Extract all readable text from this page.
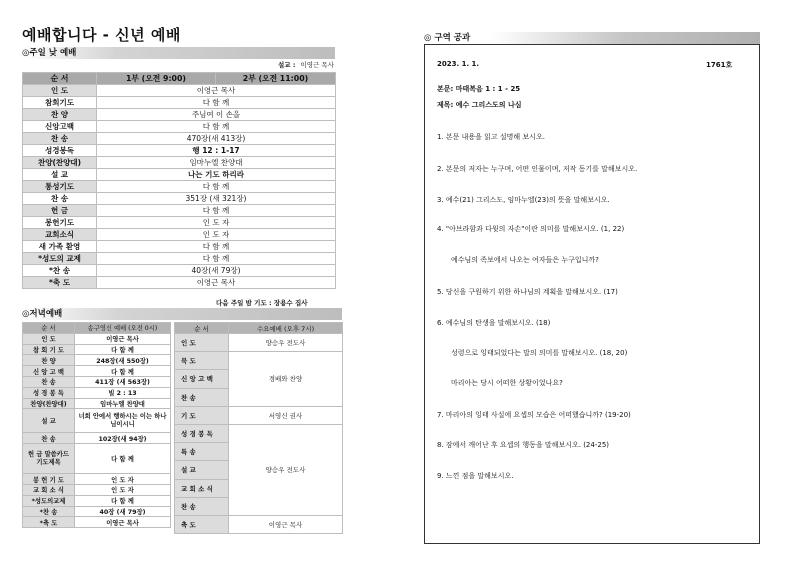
예배합니다 - 신년 예배
◎주일 낮 예배
설교 : 이영근 목사
순 서	1부 (오전 9:00)	2부 (오전 11:00)
인 도	이영근 목사	
참회기도	다 함 께	
찬 양	주님여 이 손을	
신앙고백	다 함 께	
찬 송	470장(새 413장)	
성경봉독	행 12 : 1-17	
찬양(찬양대)	임마누엘 찬양대	
설 교	나는 기도 하리라	
통성기도	다 함 께	
찬 송	351장 (새 321장)	
헌 금	다 함 께	
봉헌기도	인 도 자	
교회소식	인 도 자	
새 가족 환영	다 함 께	
*성도의 교제	다 함 께	
*찬 송	40장(새 79장)	
*축 도	이영근 목사	
다음 주일 밤 기도 : 장용수 집사
◎저녁예배
순 서	송구영신 예배 (오전 0시)
인 도	이영근 목사
참 회 기 도	다 함 께
찬 양	248장(새 550장)
신 앙 고 백	다 함 께
찬 송	411장 (새 563장)
성 경 봉 독	빌 2 : 13
찬양(찬양대)	임마누엘 찬양대
설 교	너희 안에서 행하시는 이는 하나님이시니
찬 송	102장(새 94장)
헌 금 말씀카드 기도제목	다 함 께
봉 헌 기 도	인 도 자
교 회 소 식	인 도 자
*성도의교제	다 함 께
*찬 송	40장 (새 79장)
*축 도	이영근 목사
순 서	수요예배 (오후 7시)
인 도	양승우 전도사
묵 도	경배와 찬양
신 앙 고 백	
찬 송	
기 도	서영신 권사
성 경 봉 독	양승우 전도사
특 송	
설 교	
교 회 소 식	
찬 송	
축 도	이영근 목사
◎ 구역 공과
2023. 1. 1.	1761호
본문: 마태복음 1 : 1 - 25
제목: 예수 그리스도의 나심
1. 본문 내용을 읽고 설명해 보시오.
2. 본문의 저자는 누구며, 어떤 인물이며, 저작 동기를 말해보시오.
3. 예수(21) 그리스도, 임마누엘(23)의 뜻을 말해보시오.
4. "아브라함과 다윗의 자손"이란 의미를 말해보시오. (1, 22)
예수님의 족보에서 나오는 여자들은 누구입니까?
5. 당신을 구원하기 위한 하나님의 계획을 말해보시오. (17)
6. 예수님의 탄생을 말해보시오. (18)
성령으로 잉태되었다는 말의 의미를 말해보시오. (18, 20)
마리아는 당시 어떠한 상황이었나요?
7. 마리아의 잉태 사실에 요셉의 모습은 어떠했습니까? (19-20)
8. 잠에서 깨어난 후 요셉의 행동을 말해보시오. (24-25)
9. 느낀 점을 말해보시오.
